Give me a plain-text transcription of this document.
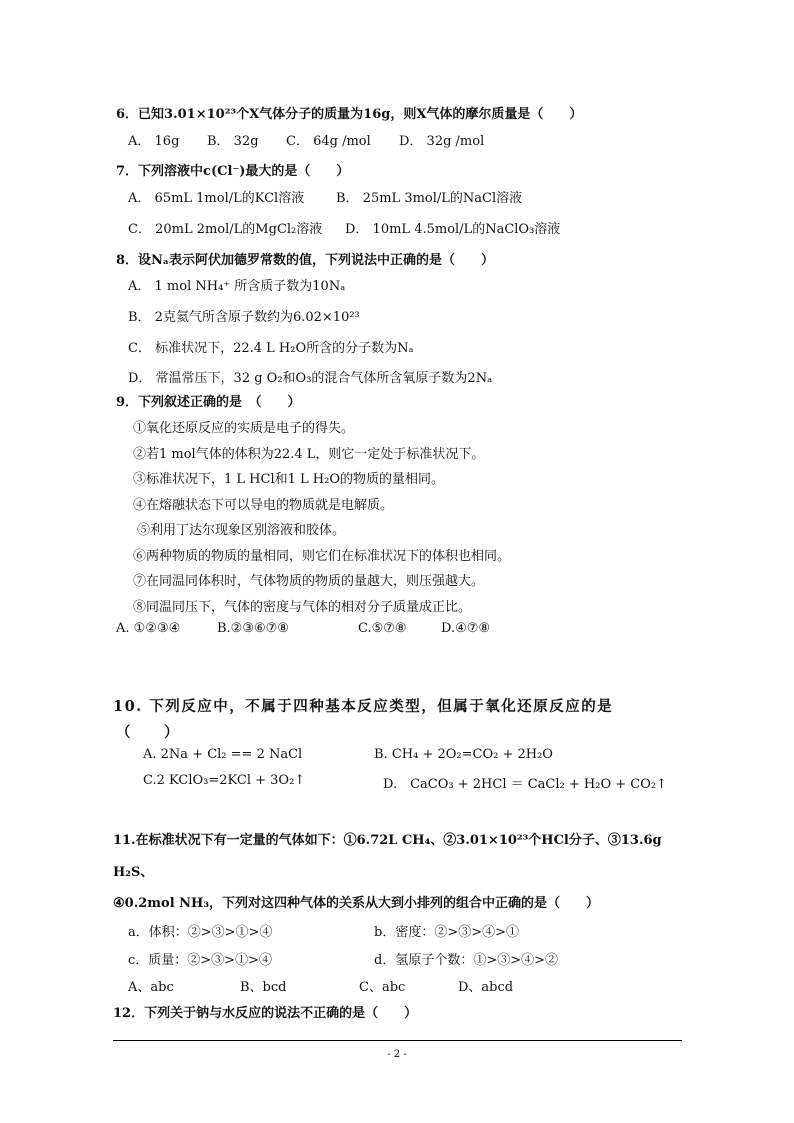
6．已知3.01×10²³个X气体分子的质量为16g，则X气体的摩尔质量是（　　）
A． 16g B． 32g C． 64g /mol D． 32g /mol
7．下列溶液中c(Cl⁻)最大的是（　　）
A． 65mL 1mol/L的KCl溶液 B． 25mL 3mol/L的NaCl溶液
C． 20mL 2mol/L的MgCl₂溶液 D． 10mL 4.5mol/L的NaClO₃溶液
8．设Nₐ表示阿伏加德罗常数的值，下列说法中正确的是（　　）
A． 1 mol NH₄⁺ 所含质子数为10Nₐ
B． 2克氦气所含原子数约为6.02×10²³
C． 标准状况下，22.4 L H₂O所含的分子数为Nₐ
D． 常温常压下，32 g O₂和O₃的混合气体所含氧原子数为2Nₐ
9．下列叙述正确的是　（　　）
①氧化还原反应的实质是电子的得失。
②若1 mol气体的体积为22.4 L，则它一定处于标准状况下。
③标准状况下，1 L HCl和1 L H₂O的物质的量相同。
④在熔融状态下可以导电的物质就是电解质。
⑤利用丁达尔现象区别溶液和胶体。
⑥两种物质的物质的量相同，则它们在标准状况下的体积也相同。
⑦在同温同体积时，气体物质的物质的量越大，则压强越大。
⑧同温同压下，气体的密度与气体的相对分子质量成正比。
A. ①②③④	B.②③⑥⑦⑧	C.⑤⑦⑧	D.④⑦⑧
10. 下列反应中，不属于四种基本反应类型，但属于氧化还原反应的是
（　　）
A. 2Na + Cl₂ == 2 NaCl	B. CH₄ + 2O₂=CO₂ + 2H₂O
C.2 KClO₃=2KCl + 3O₂↑	D.　CaCO₃ + 2HCl ＝ CaCl₂ + H₂O + CO₂↑
11.在标准状况下有一定量的气体如下：①6.72L CH₄、②3.01×10²³个HCl分子、③13.6g
H₂S、
④0.2mol NH₃，下列对这四种气体的关系从大到小排列的组合中正确的是（　　）
a．体积：②>③>①>④	b．密度：②>③>④>①
c．质量：②>③>①>④	d．氢原子个数：①>③>④>②
A、abc	B、bcd	C、abc	D、abcd
12．下列关于钠与水反应的说法不正确的是（　　）
- 2 -
